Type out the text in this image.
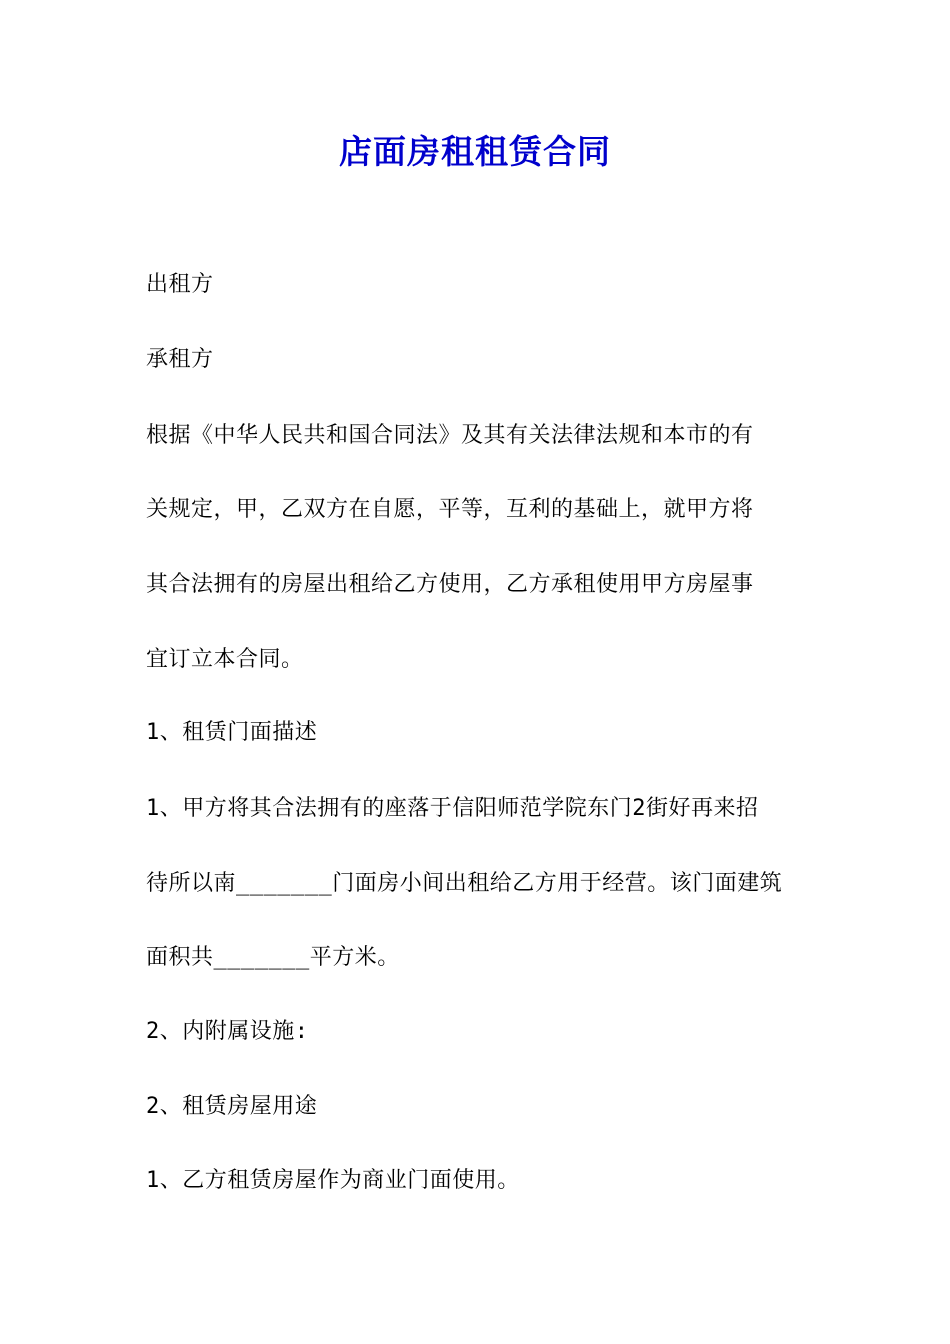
店面房租租赁合同
出租方
承租方
根据《中华人民共和国合同法》及其有关法律法规和本市的有
关规定，甲，乙双方在自愿，平等，互利的基础上，就甲方将
其合法拥有的房屋出租给乙方使用，乙方承租使用甲方房屋事
宜订立本合同。
1、租赁门面描述
1、甲方将其合法拥有的座落于信阳师范学院东门2街好再来招
待所以南_______门面房小间出租给乙方用于经营。该门面建筑
面积共_______平方米。
2、内附属设施:
2、租赁房屋用途
1、乙方租赁房屋作为商业门面使用。
